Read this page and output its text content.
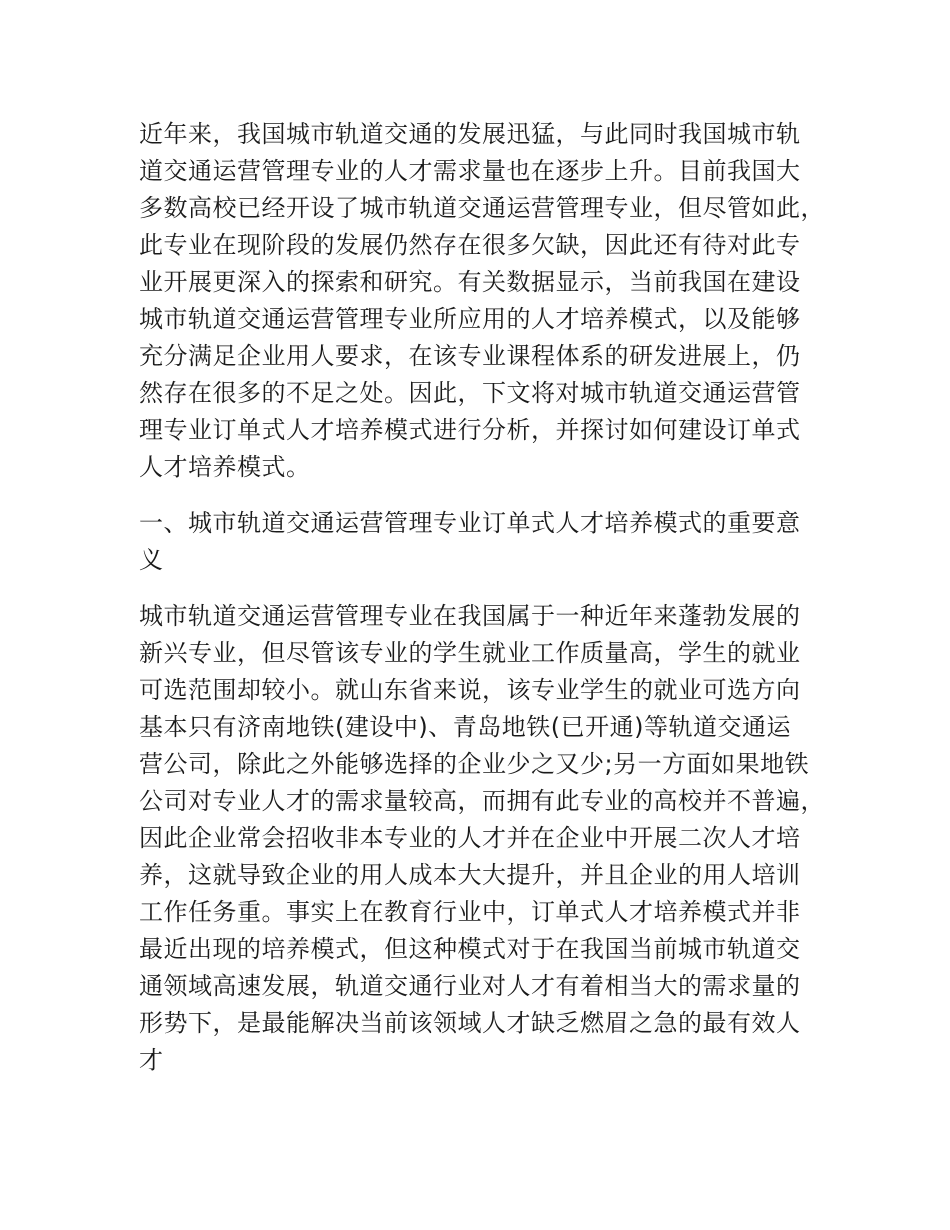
近年来，我国城市轨道交通的发展迅猛，与此同时我国城市轨
道交通运营管理专业的人才需求量也在逐步上升。目前我国大
多数高校已经开设了城市轨道交通运营管理专业，但尽管如此，
此专业在现阶段的发展仍然存在很多欠缺，因此还有待对此专
业开展更深入的探索和研究。有关数据显示，当前我国在建设
城市轨道交通运营管理专业所应用的人才培养模式，以及能够
充分满足企业用人要求，在该专业课程体系的研发进展上，仍
然存在很多的不足之处。因此，下文将对城市轨道交通运营管
理专业订单式人才培养模式进行分析，并探讨如何建设订单式
人才培养模式。

一、城市轨道交通运营管理专业订单式人才培养模式的重要意
义

城市轨道交通运营管理专业在我国属于一种近年来蓬勃发展的
新兴专业，但尽管该专业的学生就业工作质量高，学生的就业
可选范围却较小。就山东省来说，该专业学生的就业可选方向
基本只有济南地铁(建设中)、青岛地铁(已开通)等轨道交通运
营公司，除此之外能够选择的企业少之又少;另一方面如果地铁
公司对专业人才的需求量较高，而拥有此专业的高校并不普遍，
因此企业常会招收非本专业的人才并在企业中开展二次人才培
养，这就导致企业的用人成本大大提升，并且企业的用人培训
工作任务重。事实上在教育行业中，订单式人才培养模式并非
最近出现的培养模式，但这种模式对于在我国当前城市轨道交
通领域高速发展，轨道交通行业对人才有着相当大的需求量的
形势下，是最能解决当前该领域人才缺乏燃眉之急的最有效人
才
